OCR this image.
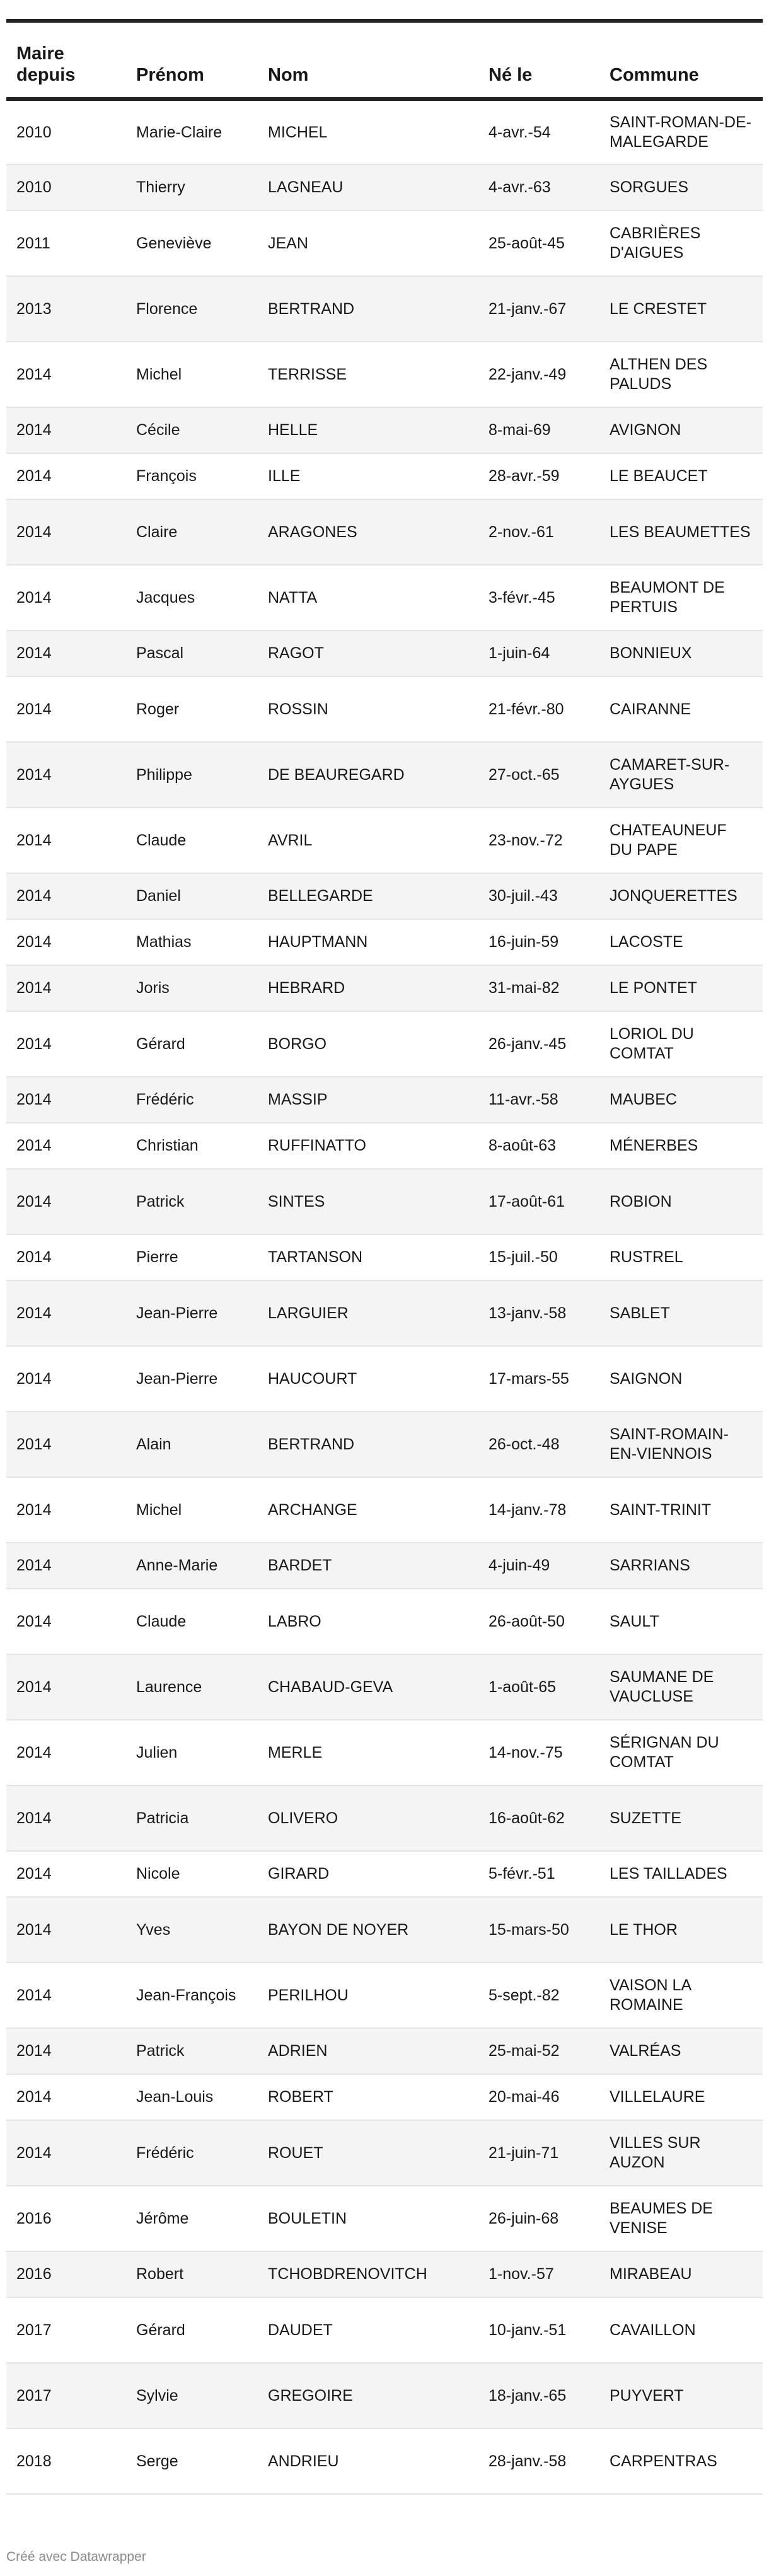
Maire
depuis	Prénom	Nom	Né le	Commune
2010	Marie-Claire	MICHEL	4-avr.-54	SAINT-ROMAN-DE-MALEGARDE
2010	Thierry	LAGNEAU	4-avr.-63	SORGUES
2011	Geneviève	JEAN	25-août-45	CABRIÈRES D'AIGUES
2013	Florence	BERTRAND	21-janv.-67	LE CRESTET
2014	Michel	TERRISSE	22-janv.-49	ALTHEN DES PALUDS
2014	Cécile	HELLE	8-mai-69	AVIGNON
2014	François	ILLE	28-avr.-59	LE BEAUCET
2014	Claire	ARAGONES	2-nov.-61	LES BEAUMETTES
2014	Jacques	NATTA	3-févr.-45	BEAUMONT DE PERTUIS
2014	Pascal	RAGOT	1-juin-64	BONNIEUX
2014	Roger	ROSSIN	21-févr.-80	CAIRANNE
2014	Philippe	DE BEAUREGARD	27-oct.-65	CAMARET-SUR-AYGUES
2014	Claude	AVRIL	23-nov.-72	CHATEAUNEUF DU PAPE
2014	Daniel	BELLEGARDE	30-juil.-43	JONQUERETTES
2014	Mathias	HAUPTMANN	16-juin-59	LACOSTE
2014	Joris	HEBRARD	31-mai-82	LE PONTET
2014	Gérard	BORGO	26-janv.-45	LORIOL DU COMTAT
2014	Frédéric	MASSIP	11-avr.-58	MAUBEC
2014	Christian	RUFFINATTO	8-août-63	MÉNERBES
2014	Patrick	SINTES	17-août-61	ROBION
2014	Pierre	TARTANSON	15-juil.-50	RUSTREL
2014	Jean-Pierre	LARGUIER	13-janv.-58	SABLET
2014	Jean-Pierre	HAUCOURT	17-mars-55	SAIGNON
2014	Alain	BERTRAND	26-oct.-48	SAINT-ROMAIN-EN-VIENNOIS
2014	Michel	ARCHANGE	14-janv.-78	SAINT-TRINIT
2014	Anne-Marie	BARDET	4-juin-49	SARRIANS
2014	Claude	LABRO	26-août-50	SAULT
2014	Laurence	CHABAUD-GEVA	1-août-65	SAUMANE DE VAUCLUSE
2014	Julien	MERLE	14-nov.-75	SÉRIGNAN DU COMTAT
2014	Patricia	OLIVERO	16-août-62	SUZETTE
2014	Nicole	GIRARD	5-févr.-51	LES TAILLADES
2014	Yves	BAYON DE NOYER	15-mars-50	LE THOR
2014	Jean-François	PERILHOU	5-sept.-82	VAISON LA ROMAINE
2014	Patrick	ADRIEN	25-mai-52	VALRÉAS
2014	Jean-Louis	ROBERT	20-mai-46	VILLELAURE
2014	Frédéric	ROUET	21-juin-71	VILLES SUR AUZON
2016	Jérôme	BOULETIN	26-juin-68	BEAUMES DE VENISE
2016	Robert	TCHOBDRENOVITCH	1-nov.-57	MIRABEAU
2017	Gérard	DAUDET	10-janv.-51	CAVAILLON
2017	Sylvie	GREGOIRE	18-janv.-65	PUYVERT
2018	Serge	ANDRIEU	28-janv.-58	CARPENTRAS
Créé avec Datawrapper
